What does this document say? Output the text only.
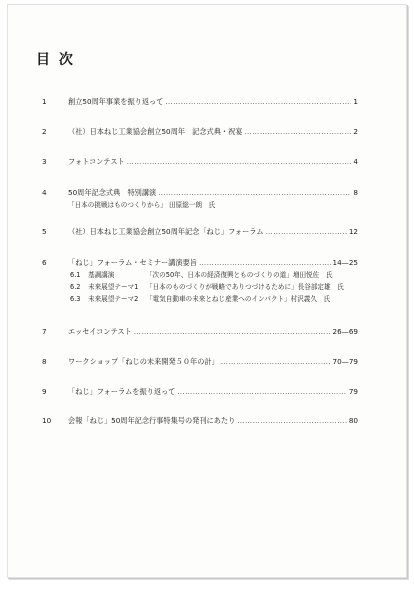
目 次
1	創立50周年事業を振り返って …………………………………………………………………………………………………………………………………………………………	1
2	（社）日本ねじ工業協会創立50周年　記念式典・祝宴 …………………………………………………………………………………………………………………………………………………………	2
3	フォトコンテスト …………………………………………………………………………………………………………………………………………………………	4
4	50周年記念式典　特別講演 …………………………………………………………………………………………………………………………………………………………	8
「日本の挑戦はものつくりから」 田原総一朗　氏
5	（社）日本ねじ工業協会創立50周年記念「ねじ」フォーラム …………………………………………………………………………………………………………………………………………………………	12
6	「ねじ」フォーラム・セミナー講演要旨 …………………………………………………………………………………………………………………………………………………………	14—25
6.1 基調講演	「次の50年、日本の経済復興とものづくりの道」増田悦佐　氏
6.2 未来展望テーマ1 「日本のものづくりが戦略でありつづけるために」長谷部定雄　氏
6.3 未来展望テーマ2 「電気自動車の未来とねじ産業へのインパクト」村沢義久　氏
7	エッセイコンテスト …………………………………………………………………………………………………………………………………………………………	26—69
8	ワークショップ「ねじの未来開発５０年の計」 …………………………………………………………………………………………………………………………………………………………	70—79
9	「ねじ」フォーラムを振り返って …………………………………………………………………………………………………………………………………………………………	79
10	会報「ねじ」50周年記念行事特集号の発刊にあたり …………………………………………………………………………………………………………………………………………………………	80
